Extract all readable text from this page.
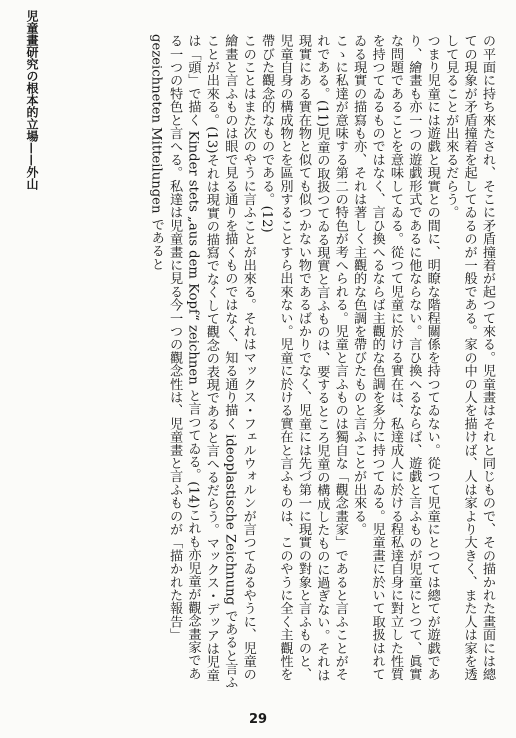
児童畫研究の根本的立場——外山	の平面に持ち來たされ、そこに矛盾撞着が起つて來る。児童畫はそれと同じもので、その描かれた畫面には總ての現象が矛盾撞着を起してゐるのが一般である。家の中の人を描けば、人は家より大きく、また人は家を透して見ることが出來るだらう。

つまり児童には遊戯と現實との間に、明瞭な階程關係を持つてゐない。從つて児童にとつては總てが遊戯であり、繪畫も亦一つの遊戯形式であるに他ならない。言ひ換へるならば、遊戯と言ふものが児童にとつて、眞實な問題であることを意味してゐる。從つて児童に於ける實在は、私達成人に於ける程私達自身に對立した性質を持つてゐるものではなく、言ひ換へるならば主觀的な色調を多分に持つてゐる。児童畫に於いて取扱はれてゐる現實の描寫も亦、それは著しく主觀的な色調を帶びたものと言ふことが出來る。

こゝに私達が意味する第二の特色が考へられる。児童と言ふものは獨自な「觀念畫家」であると言ふことがそれである。(11)児童の取扱つてゐる現實と言ふものは、要するところ児童の構成したものに過ぎない。それは現實にある實在物と似ても似つかない物であるばかりでなく、児童には先づ第一に現實の對象と言ふものと、児童自身の構成物とを區別することすら出來ない。児童に於ける實在と言ふものは、このやうに全く主觀性を帶びた觀念的なものである。(12)

このことはまた次のやうに言ふことが出來る。それはマックス・フェルウォルンが言つてゐるやうに、児童の繪畫と言ふものは眼で見る通りを描くものではなく、知る通り描く ideoplastische Zeichnung であると言ふことが出來る。(13)それは現實の描寫でなくして觀念の表現であると言へるだらう。マックス・デッアは児童は「頭」で描く Kinder stets „aus dem Kopf“ zeichnen と言つてゐる。(14)これも亦児童が觀念畫家である一つの特色と言へる。私達は児童畫に見る今一つの觀念性は、児童畫と言ふものが「描かれた報告」gezeichneten Mitteilungen であると

29
